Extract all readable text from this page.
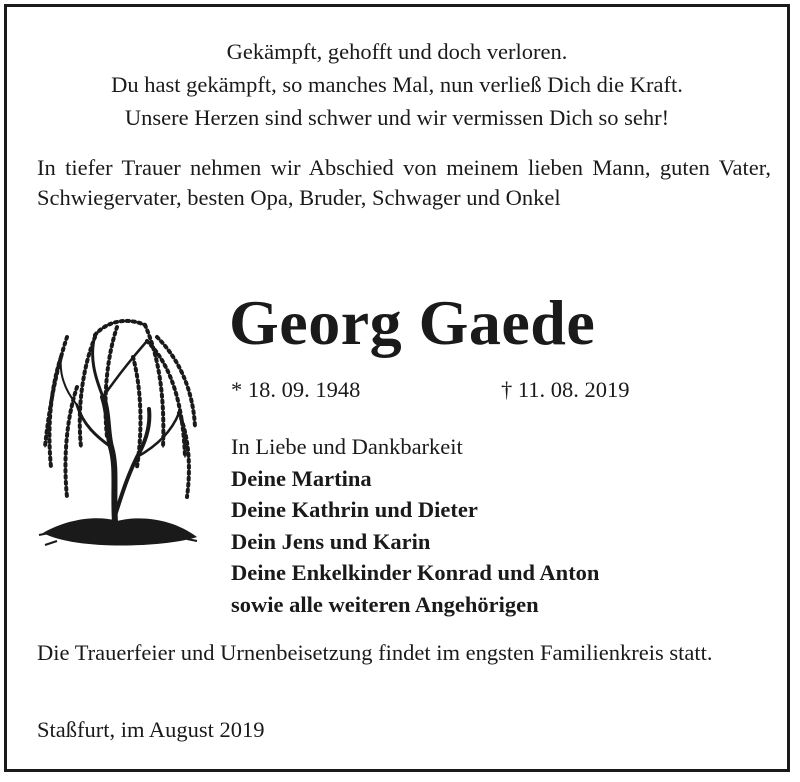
Gekämpft, gehofft und doch verloren.
Du hast gekämpft, so manches Mal, nun verließ Dich die Kraft.
Unsere Herzen sind schwer und wir vermissen Dich so sehr!
In tiefer Trauer nehmen wir Abschied von meinem lieben Mann, guten Vater, Schwiegervater, besten Opa, Bruder, Schwager und Onkel
Georg Gaede
* 18. 09. 1948	† 11. 08. 2019
In Liebe und Dankbarkeit
Deine Martina
Deine Kathrin und Dieter
Dein Jens und Karin
Deine Enkelkinder Konrad und Anton
sowie alle weiteren Angehörigen
Die Trauerfeier und Urnenbeisetzung findet im engsten Familienkreis statt.
Staßfurt, im August 2019
